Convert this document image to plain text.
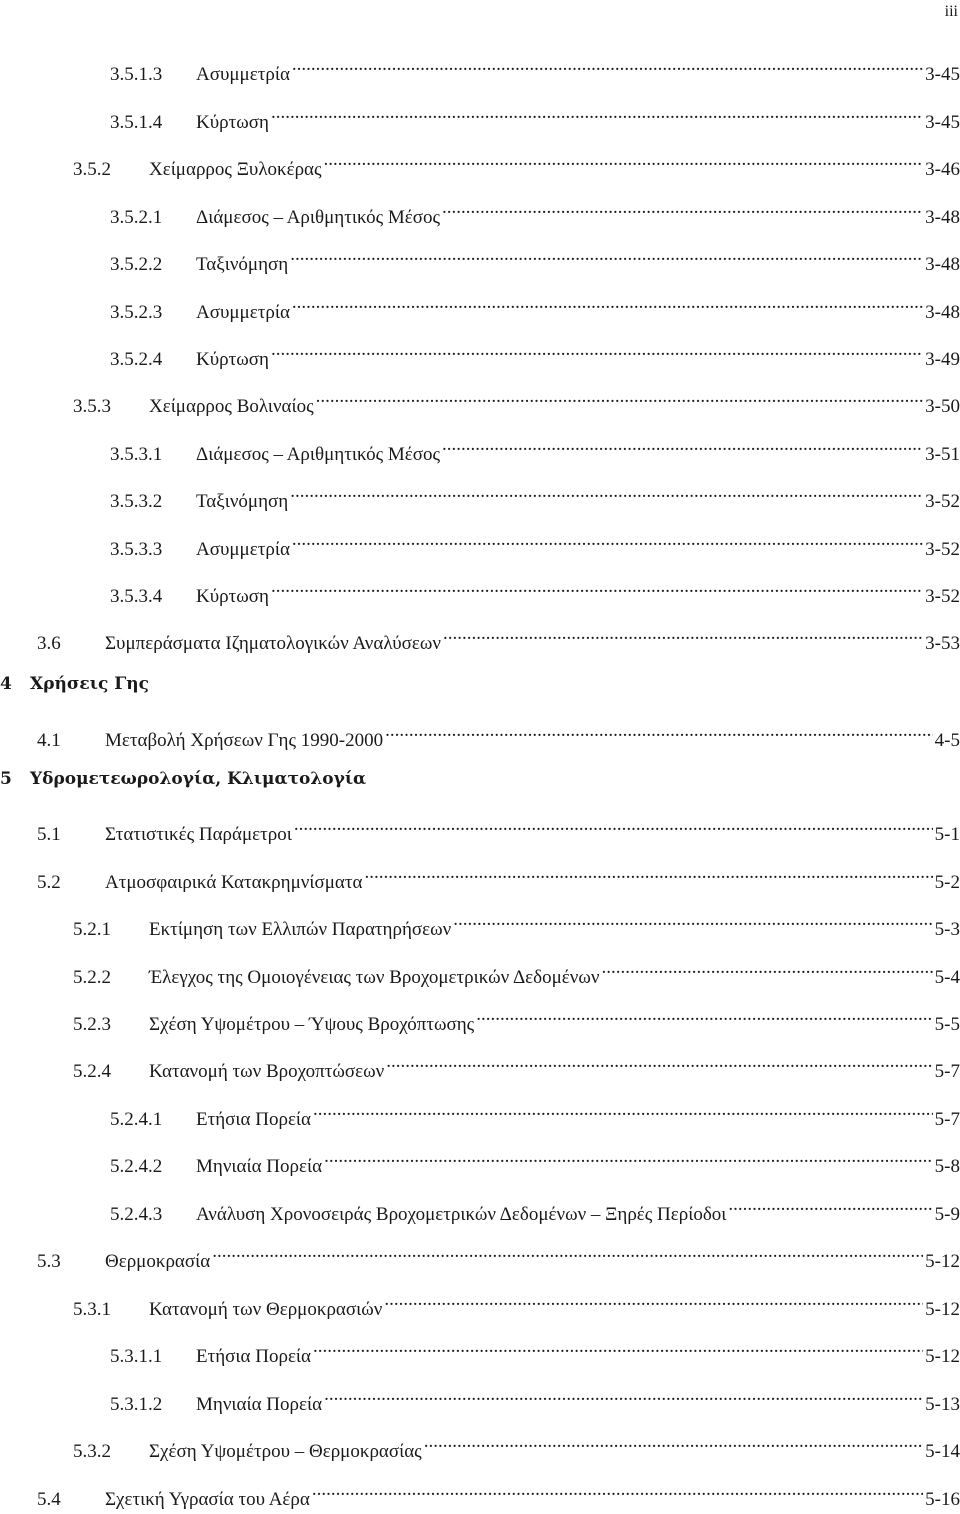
iii
3.5.1.3	Ασυμμετρία .....	3-45
3.5.1.4	Κύρτωση .....	3-45
3.5.2	Χείμαρρος Ξυλοκέρας .....	3-46
3.5.2.1	Διάμεσος – Αριθμητικός Μέσος .....	3-48
3.5.2.2	Ταξινόμηση .....	3-48
3.5.2.3	Ασυμμετρία .....	3-48
3.5.2.4	Κύρτωση .....	3-49
3.5.3	Χείμαρρος Βολιναίος .....	3-50
3.5.3.1	Διάμεσος – Αριθμητικός Μέσος .....	3-51
3.5.3.2	Ταξινόμηση .....	3-52
3.5.3.3	Ασυμμετρία .....	3-52
3.5.3.4	Κύρτωση .....	3-52
3.6	Συμπεράσματα Ιζηματολογικών Αναλύσεων .....	3-53
4	Χρήσεις Γης
4.1	Μεταβολή Χρήσεων Γης 1990-2000 .....	4-5
5	Υδρομετεωρολογία, Κλιματολογία
5.1	Στατιστικές Παράμετροι .....	5-1
5.2	Ατμοσφαιρικά Κατακρημνίσματα .....	5-2
5.2.1	Εκτίμηση των Ελλιπών Παρατηρήσεων .....	5-3
5.2.2	Έλεγχος της Ομοιογένειας των Βροχομετρικών Δεδομένων .....	5-4
5.2.3	Σχέση Υψομέτρου – Ύψους Βροχόπτωσης .....	5-5
5.2.4	Κατανομή των Βροχοπτώσεων .....	5-7
5.2.4.1	Ετήσια Πορεία .....	5-7
5.2.4.2	Μηνιαία Πορεία .....	5-8
5.2.4.3	Ανάλυση Χρονοσειράς Βροχομετρικών Δεδομένων – Ξηρές Περίοδοι .....	5-9
5.3	Θερμοκρασία .....	5-12
5.3.1	Κατανομή των Θερμοκρασιών .....	5-12
5.3.1.1	Ετήσια Πορεία .....	5-12
5.3.1.2	Μηνιαία Πορεία .....	5-13
5.3.2	Σχέση Υψομέτρου – Θερμοκρασίας .....	5-14
5.4	Σχετική Υγρασία του Αέρα .....	5-16
